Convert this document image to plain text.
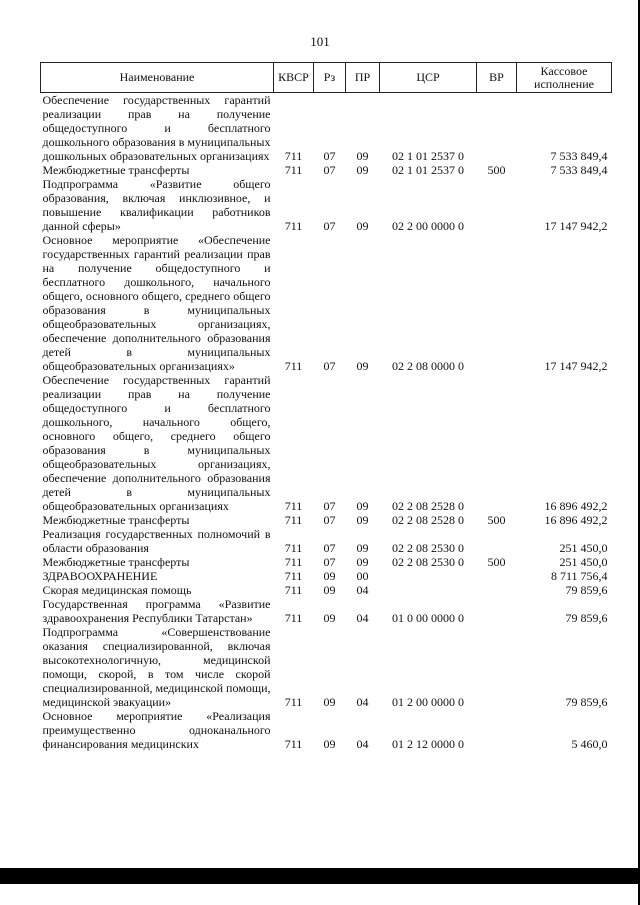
101
Наименование	КВСР	Рз	ПР	ЦСР	ВР	Кассовое исполнение
Обеспечение государственных гарантий реализации прав на получение общедоступного и бесплатного дошкольного образования в муниципальных дошкольных образовательных организациях	711	07	09	02 1 01 2537 0		7 533 849,4
Межбюджетные трансферты	711	07	09	02 1 01 2537 0	500	7 533 849,4
Подпрограмма «Развитие общего образования, включая инклюзивное, и повышение квалификации работников данной сферы»	711	07	09	02 2 00 0000 0		17 147 942,2
Основное мероприятие «Обеспечение государственных гарантий реализации прав на получение общедоступного и бесплатного дошкольного, начального общего, основного общего, среднего общего образования в муниципальных общеобразовательных организациях, обеспечение дополнительного образования детей в муниципальных общеобразовательных организациях»	711	07	09	02 2 08 0000 0		17 147 942,2
Обеспечение государственных гарантий реализации прав на получение общедоступного и бесплатного дошкольного, начального общего, основного общего, среднего общего образования в муниципальных общеобразовательных организациях, обеспечение дополнительного образования детей в муниципальных общеобразовательных организациях	711	07	09	02 2 08 2528 0		16 896 492,2
Межбюджетные трансферты	711	07	09	02 2 08 2528 0	500	16 896 492,2
Реализация государственных полномочий в области образования	711	07	09	02 2 08 2530 0		251 450,0
Межбюджетные трансферты	711	07	09	02 2 08 2530 0	500	251 450,0
ЗДРАВООХРАНЕНИЕ	711	09	00			8 711 756,4
Скорая медицинская помощь	711	09	04			79 859,6
Государственная программа «Развитие здравоохранения Республики Татарстан»	711	09	04	01 0 00 0000 0		79 859,6
Подпрограмма «Совершенствование оказания специализированной, включая высокотехнологичную, медицинской помощи, скорой, в том числе скорой специализированной, медицинской помощи, медицинской эвакуации»	711	09	04	01 2 00 0000 0		79 859,6
Основное мероприятие «Реализация преимущественно одноканального финансирования медицинских	711	09	04	01 2 12 0000 0		5 460,0
